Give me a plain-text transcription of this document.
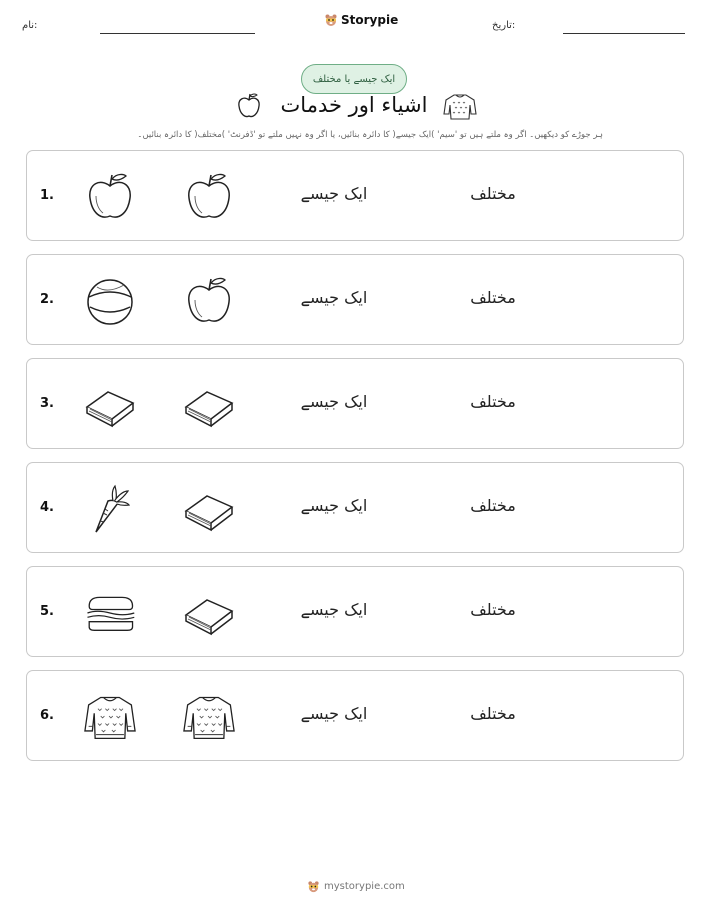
نام:	Storypie	تاریخ:
ایک جیسے یا مختلف
اشیاء اور خدمات
ہر جوڑے کو دیکھیں۔ اگر وہ ملتے ہیں تو 'سیم' )ایک جیسے( کا دائرہ بنائیں، یا اگر وہ نہیں ملتے تو 'ڈفرنٹ' )مختلف( کا دائرہ بنائیں۔
1.	ایک جیسے	مختلف
2.	ایک جیسے	مختلف
3.	ایک جیسے	مختلف
4.	ایک جیسے	مختلف
5.	ایک جیسے	مختلف
6.	ایک جیسے	مختلف
mystorypie.com
